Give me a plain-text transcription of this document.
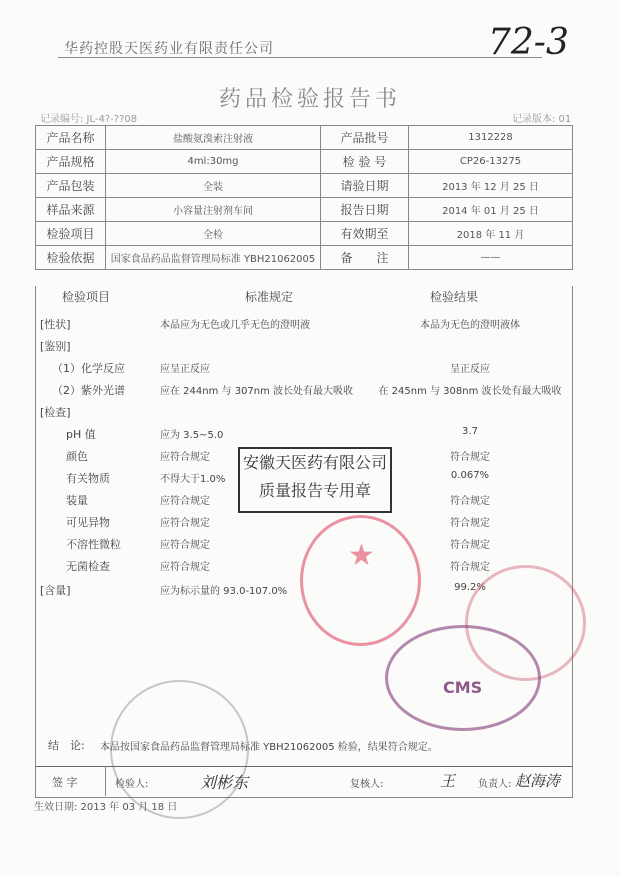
华药控股天医药业有限责任公司	72-3
药品检验报告书
记录编号: JL-4?-??08	记录版本: 01
产品名称	盐酸氨溴索注射液	产品批号	1312228
产品规格	4ml:30mg	检 验 号	CP26-13275
产品包装	全装	请验日期	2013 年 12 月 25 日
样品来源	小容量注射剂车间	报告日期	2014 年 01 月 25 日
检验项目	全检	有效期至	2018 年 11 月
检验依据	国家食品药品监督管理局标准 YBH21062005	备　　注	——
检验项目	标准规定	检验结果
[性状]	本品应为无色或几乎无色的澄明液	本品为无色的澄明液体
[鉴别]
（1）化学反应	应呈正反应	呈正反应
（2）紫外光谱	应在 244nm 与 307nm 波长处有最大吸收	在 245nm 与 308nm 波长处有最大吸收
[检查]
pH 值	应为 3.5~5.0	3.7
颜色	应符合规定	符合规定
有关物质	不得大于1.0%	0.067%
装量	应符合规定	符合规定
可见异物	应符合规定	符合规定
不溶性微粒	应符合规定	符合规定
无菌检查	应符合规定	符合规定
[含量]	应为标示量的 93.0-107.0%	99.2%
结　论: 本品按国家食品药品监督管理局标准 YBH21062005 检验，结果符合规定。
签 字	检验人:	刘彬东	复核人:	王 负责人: 赵海涛
生效日期: 2013 年 03 月 18 日
安徽天医药有限公司
质量报告专用章
★
CMS
